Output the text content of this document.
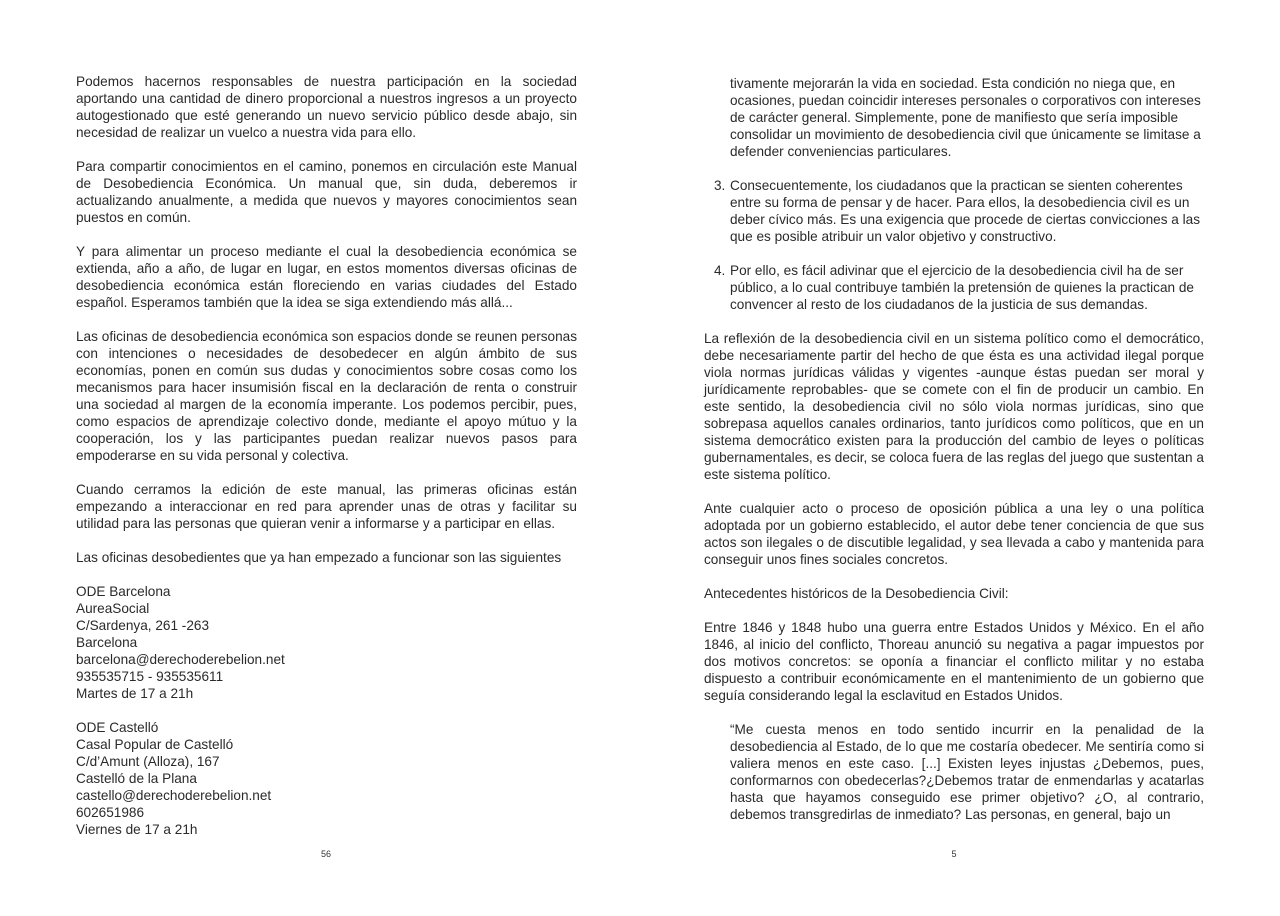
Podemos hacernos responsables de nuestra participación en la sociedad aportando una cantidad de dinero proporcional a nuestros ingresos a un proyecto autogestionado que esté generando un nuevo servicio público desde abajo, sin necesidad de realizar un vuelco a nuestra vida para ello.

Para compartir conocimientos en el camino, ponemos en circulación este Manual de Desobediencia Económica. Un manual que, sin duda, deberemos ir actualizando anualmente, a medida que nuevos y mayores conocimientos sean puestos en común.

Y para alimentar un proceso mediante el cual la desobediencia económica se extienda, año a año, de lugar en lugar, en estos momentos diversas oficinas de desobediencia económica están floreciendo en varias ciudades del Estado español. Esperamos también que la idea se siga extendiendo más allá...

Las oficinas de desobediencia económica son espacios donde se reunen personas con intenciones o necesidades de desobedecer en algún ámbito de sus economías, ponen en común sus dudas y conocimientos sobre cosas como los mecanismos para hacer insumisión fiscal en la declaración de renta o construir una sociedad al margen de la economía imperante. Los podemos percibir, pues, como espacios de aprendizaje colectivo donde, mediante el apoyo mútuo y la cooperación, los y las participantes puedan realizar nuevos pasos para empoderarse en su vida personal y colectiva.

Cuando cerramos la edición de este manual, las primeras oficinas están empezando a interaccionar en red para aprender unas de otras y facilitar su utilidad para las personas que quieran venir a informarse y a participar en ellas.

Las oficinas desobedientes que ya han empezado a funcionar son las siguientes

ODE Barcelona
AureaSocial
C/Sardenya, 261 -263
Barcelona
barcelona@derechoderebelion.net
935535715 - 935535611
Martes de 17 a 21h
ODE Castelló
Casal Popular de Castelló
C/d’Amunt (Alloza), 167
Castelló de la Plana
castello@derechoderebelion.net
602651986
Viernes de 17 a 21h
56
tivamente mejorarán la vida en sociedad. Esta condición no niega que, en ocasiones, puedan coincidir intereses personales o corporativos con intereses de carácter general. Simplemente, pone de manifiesto que sería imposible consolidar un movimiento de desobediencia civil que únicamente se limitase a defender conveniencias particulares.
3. Consecuentemente, los ciudadanos que la practican se sienten coherentes entre su forma de pensar y de hacer. Para ellos, la desobediencia civil es un deber cívico más. Es una exigencia que procede de ciertas convicciones a las que es posible atribuir un valor objetivo y constructivo.
4. Por ello, es fácil adivinar que el ejercicio de la desobediencia civil ha de ser público, a lo cual contribuye también la pretensión de quienes la practican de convencer al resto de los ciudadanos de la justicia de sus demandas.

La reflexión de la desobediencia civil en un sistema político como el democrático, debe necesariamente partir del hecho de que ésta es una actividad ilegal porque viola normas jurídicas válidas y vigentes -aunque éstas puedan ser moral y jurídicamente reprobables- que se comete con el fin de producir un cambio. En este sentido, la desobediencia civil no sólo viola normas jurídicas, sino que sobrepasa aquellos canales ordinarios, tanto jurídicos como políticos, que en un sistema democrático existen para la producción del cambio de leyes o políticas gubernamentales, es decir, se coloca fuera de las reglas del juego que sustentan a este sistema político.

Ante cualquier acto o proceso de oposición pública a una ley o una política adoptada por un gobierno establecido, el autor debe tener conciencia de que sus actos son ilegales o de discutible legalidad, y sea llevada a cabo y mantenida para conseguir unos fines sociales concretos.

Antecedentes históricos de la Desobediencia Civil:

Entre 1846 y 1848 hubo una guerra entre Estados Unidos y México. En el año 1846, al inicio del conflicto, Thoreau anunció su negativa a pagar impuestos por dos motivos concretos: se oponía a financiar el conflicto militar y no estaba dispuesto a contribuir económicamente en el mantenimiento de un gobierno que seguía considerando legal la esclavitud en Estados Unidos.

“Me cuesta menos en todo sentido incurrir en la penalidad de la desobediencia al Estado, de lo que me costaría obedecer. Me sentiría como si valiera menos en este caso. [...] Existen leyes injustas ¿Debemos, pues, conformarnos con obedecerlas?¿Debemos tratar de enmendarlas y acatarlas hasta que hayamos conseguido ese primer objetivo? ¿O, al contrario, debemos transgredirlas de inmediato? Las personas, en general, bajo un
5
